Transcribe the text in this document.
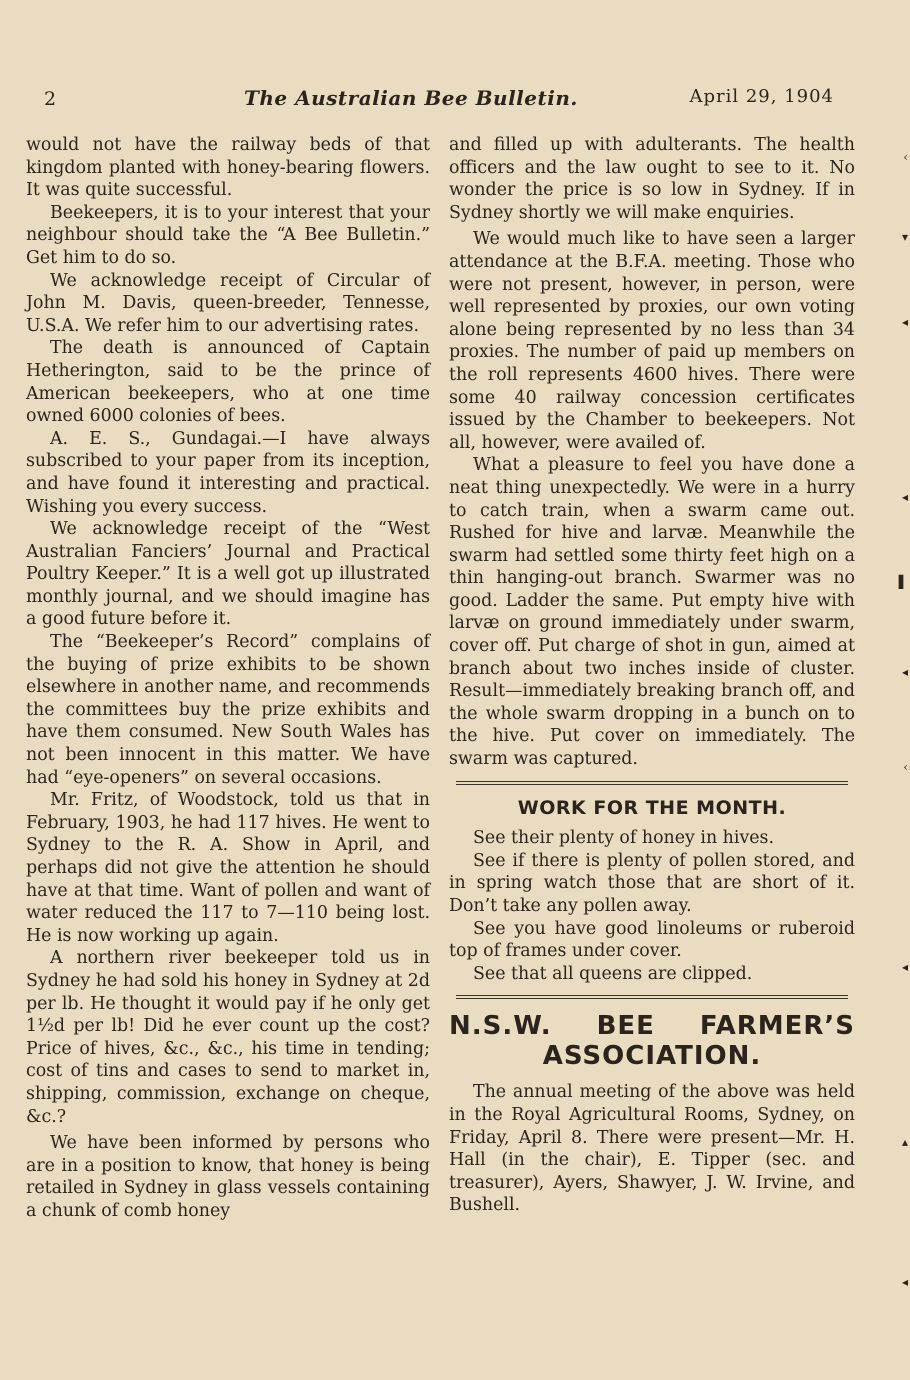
2	The Australian Bee Bulletin.	April 29, 1904

would not have the railway beds of that kingdom planted with honey-bearing flowers. It was quite successful.

Beekeepers, it is to your interest that your neighbour should take the “A Bee Bulletin.” Get him to do so.

We acknowledge receipt of Circular of John M. Davis, queen-breeder, Tennesse, U.S.A. We refer him to our advertising rates.

The death is announced of Captain Hetherington, said to be the prince of American beekeepers, who at one time owned 6000 colonies of bees.

A. E. S., Gundagai.—I have always subscribed to your paper from its inception, and have found it interesting and practical. Wishing you every success.

We acknowledge receipt of the “West Australian Fanciers’ Journal and Practical Poultry Keeper.” It is a well got up illustrated monthly journal, and we should imagine has a good future before it.

The “Beekeeper’s Record” complains of the buying of prize exhibits to be shown elsewhere in another name, and recommends the committees buy the prize exhibits and have them consumed. New South Wales has not been innocent in this matter. We have had “eye-openers” on several occasions.

Mr. Fritz, of Woodstock, told us that in February, 1903, he had 117 hives. He went to Sydney to the R. A. Show in April, and perhaps did not give the attention he should have at that time. Want of pollen and want of water reduced the 117 to 7—110 being lost. He is now working up again.

A northern river beekeeper told us in Sydney he had sold his honey in Sydney at 2d per lb. He thought it would pay if he only get 1½d per lb! Did he ever count up the cost? Price of hives, &c., &c., his time in tending; cost of tins and cases to send to market in, shipping, commission, exchange on cheque, &c.?

We have been informed by persons who are in a position to know, that honey is being retailed in Sydney in glass vessels containing a chunk of comb honey

and filled up with adulterants. The health officers and the law ought to see to it. No wonder the price is so low in Sydney. If in Sydney shortly we will make enquiries.

We would much like to have seen a larger attendance at the B.F.A. meeting. Those who were not present, however, in person, were well represented by proxies, our own voting alone being represented by no less than 34 proxies. The number of paid up members on the roll represents 4600 hives. There were some 40 railway concession certificates issued by the Chamber to beekeepers. Not all, however, were availed of.

What a pleasure to feel you have done a neat thing unexpectedly. We were in a hurry to catch train, when a swarm came out. Rushed for hive and larvæ. Meanwhile the swarm had settled some thirty feet high on a thin hanging-out branch. Swarmer was no good. Ladder the same. Put empty hive with larvæ on ground immediately under swarm, cover off. Put charge of shot in gun, aimed at branch about two inches inside of cluster. Result—immediately breaking branch off, and the whole swarm dropping in a bunch on to the hive. Put cover on immediately. The swarm was captured.

WORK FOR THE MONTH.

See their plenty of honey in hives.

See if there is plenty of pollen stored, and in spring watch those that are short of it. Don’t take any pollen away.

See you have good linoleums or ruberoid top of frames under cover.

See that all queens are clipped.

N.S.W. BEE FARMER’S
ASSOCIATION.

The annual meeting of the above was held in the Royal Agricultural Rooms, Sydney, on Friday, April 8. There were present—Mr. H. Hall (in the chair), E. Tipper (sec. and treasurer), Ayers, Shawyer, J. W. Irvine, and Bushell.

‹
▾
◂
◂
▌
◂
‹
◂
▴
◂
